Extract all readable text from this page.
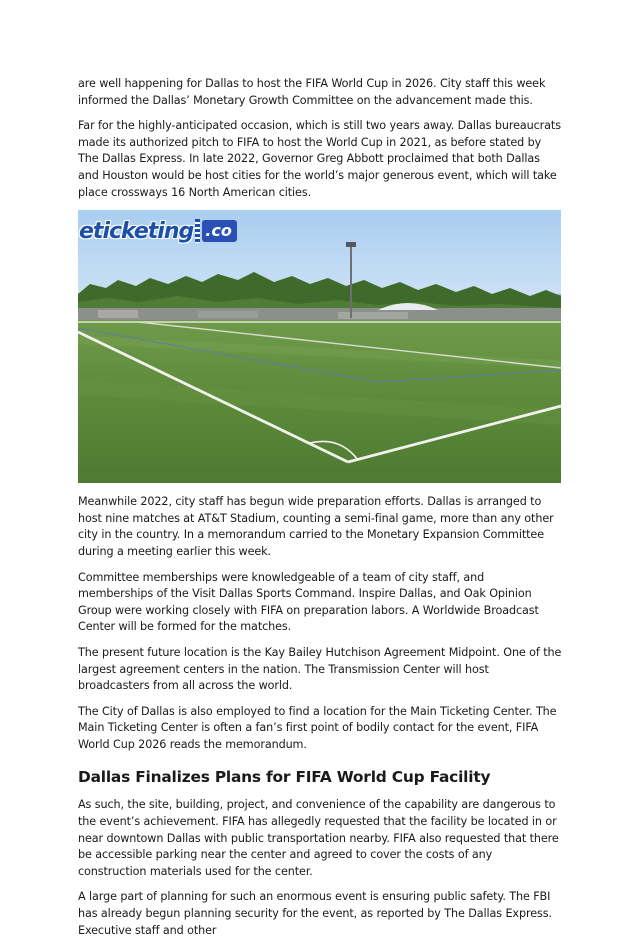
are well happening for Dallas to host the FIFA World Cup in 2026. City staff this week informed the Dallas’ Monetary Growth Committee on the advancement made this.

Far for the highly-anticipated occasion, which is still two years away. Dallas bureaucrats made its authorized pitch to FIFA to host the World Cup in 2021, as before stated by The Dallas Express. In late 2022, Governor Greg Abbott proclaimed that both Dallas and Houston would be host cities for the world’s major generous event, which will take place crossways 16 North American cities.

eticketing .co

Meanwhile 2022, city staff has begun wide preparation efforts. Dallas is arranged to host nine matches at AT&T Stadium, counting a semi-final game, more than any other city in the country. In a memorandum carried to the Monetary Expansion Committee during a meeting earlier this week.

Committee memberships were knowledgeable of a team of city staff, and memberships of the Visit Dallas Sports Command. Inspire Dallas, and Oak Opinion Group were working closely with FIFA on preparation labors. A Worldwide Broadcast Center will be formed for the matches.

The present future location is the Kay Bailey Hutchison Agreement Midpoint. One of the largest agreement centers in the nation. The Transmission Center will host broadcasters from all across the world.

The City of Dallas is also employed to find a location for the Main Ticketing Center. The Main Ticketing Center is often a fan’s first point of bodily contact for the event, FIFA World Cup 2026 reads the memorandum.

Dallas Finalizes Plans for FIFA World Cup Facility

As such, the site, building, project, and convenience of the capability are dangerous to the event’s achievement. FIFA has allegedly requested that the facility be located in or near downtown Dallas with public transportation nearby. FIFA also requested that there be accessible parking near the center and agreed to cover the costs of any construction materials used for the center.

A large part of planning for such an enormous event is ensuring public safety. The FBI has already begun planning security for the event, as reported by The Dallas Express. Executive staff and other
